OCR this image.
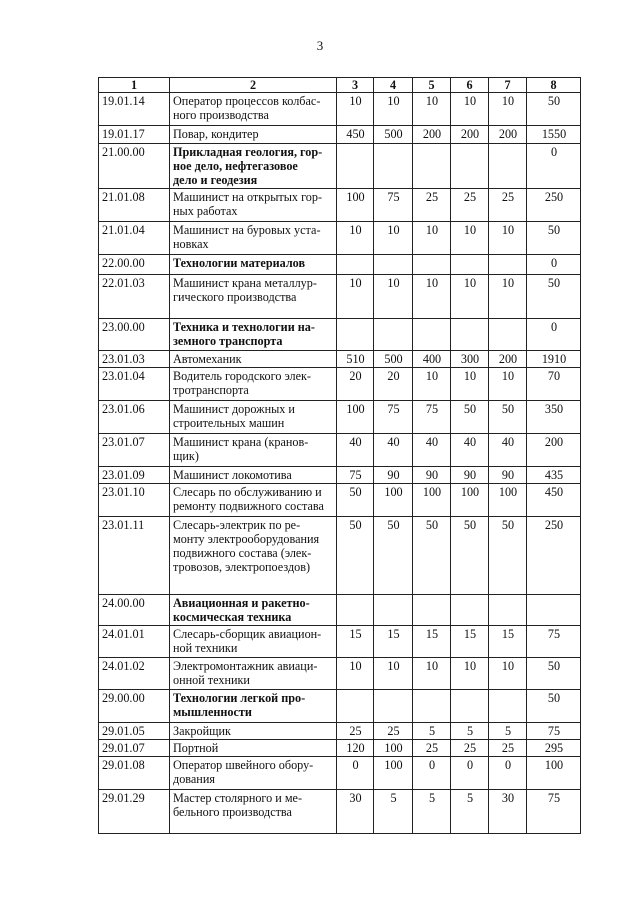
3
1	2	3	4	5	6	7	8
19.01.14	Оператор процессов колбас-
ного производства	10	10	10	10	10	50
19.01.17	Повар, кондитер	450	500	200	200	200	1550
21.00.00	Прикладная геология, гор-
ное дело, нефтегазовое
дело и геодезия						0
21.01.08	Машинист на открытых гор-
ных работах	100	75	25	25	25	250
21.01.04	Машинист на буровых уста-
новках	10	10	10	10	10	50
22.00.00	Технологии материалов						0
22.01.03	Машинист крана металлур-
гического производства	10	10	10	10	10	50
23.00.00	Техника и технологии на-
земного транспорта						0
23.01.03	Автомеханик	510	500	400	300	200	1910
23.01.04	Водитель городского элек-
тротранспорта	20	20	10	10	10	70
23.01.06	Машинист дорожных и
строительных машин	100	75	75	50	50	350
23.01.07	Машинист крана (кранов-
щик)	40	40	40	40	40	200
23.01.09	Машинист локомотива	75	90	90	90	90	435
23.01.10	Слесарь по обслуживанию и
ремонту подвижного состава	50	100	100	100	100	450
23.01.11	Слесарь-электрик по ре-
монту электрооборудования
подвижного состава (элек-
тровозов, электропоездов)	50	50	50	50	50	250
24.00.00	Авиационная и ракетно-
космическая техника						
24.01.01	Слесарь-сборщик авиацион-
ной техники	15	15	15	15	15	75
24.01.02	Электромонтажник авиаци-
онной техники	10	10	10	10	10	50
29.00.00	Технологии легкой про-
мышленности						50
29.01.05	Закройщик	25	25	5	5	5	75
29.01.07	Портной	120	100	25	25	25	295
29.01.08	Оператор швейного обору-
дования	0	100	0	0	0	100
29.01.29	Мастер столярного и ме-
бельного производства	30	5	5	5	30	75
